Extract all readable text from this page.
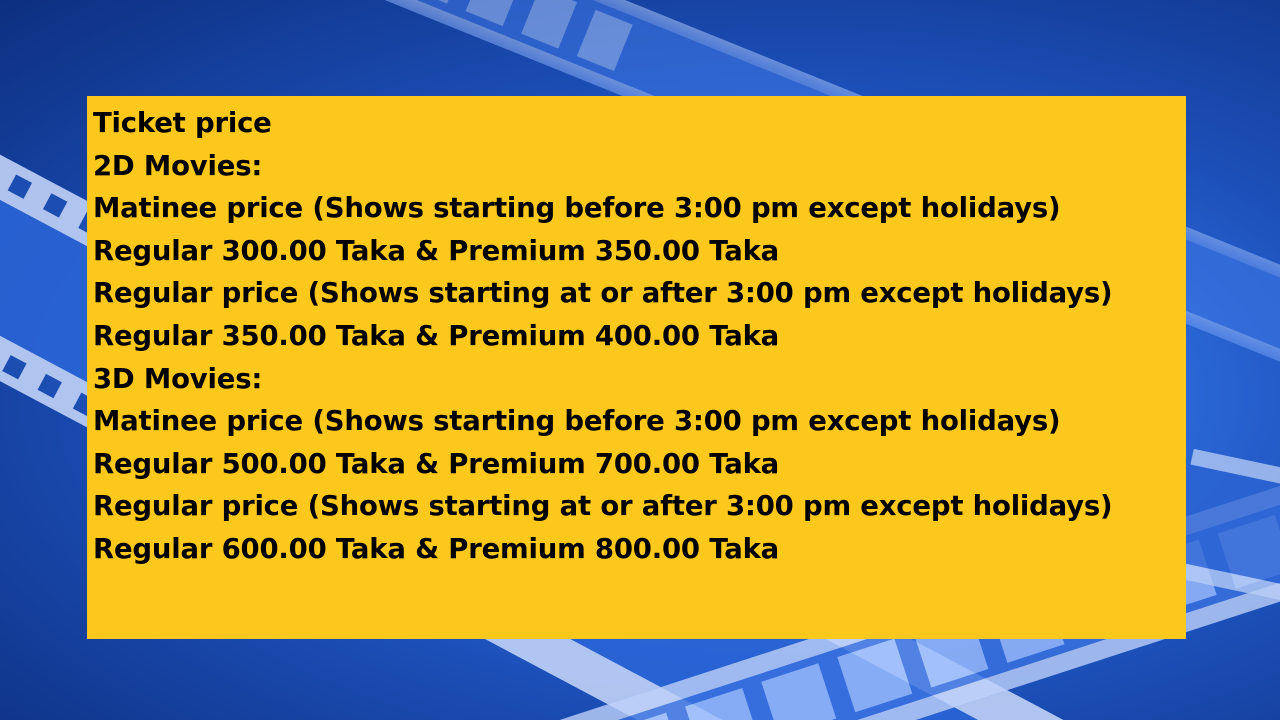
Ticket price
2D Movies:
Matinee price (Shows starting before 3:00 pm except holidays)
Regular 300.00 Taka & Premium 350.00 Taka
Regular price (Shows starting at or after 3:00 pm except holidays)
Regular 350.00 Taka & Premium 400.00 Taka
3D Movies:
Matinee price (Shows starting before 3:00 pm except holidays)
Regular 500.00 Taka & Premium 700.00 Taka
Regular price (Shows starting at or after 3:00 pm except holidays)
Regular 600.00 Taka & Premium 800.00 Taka
